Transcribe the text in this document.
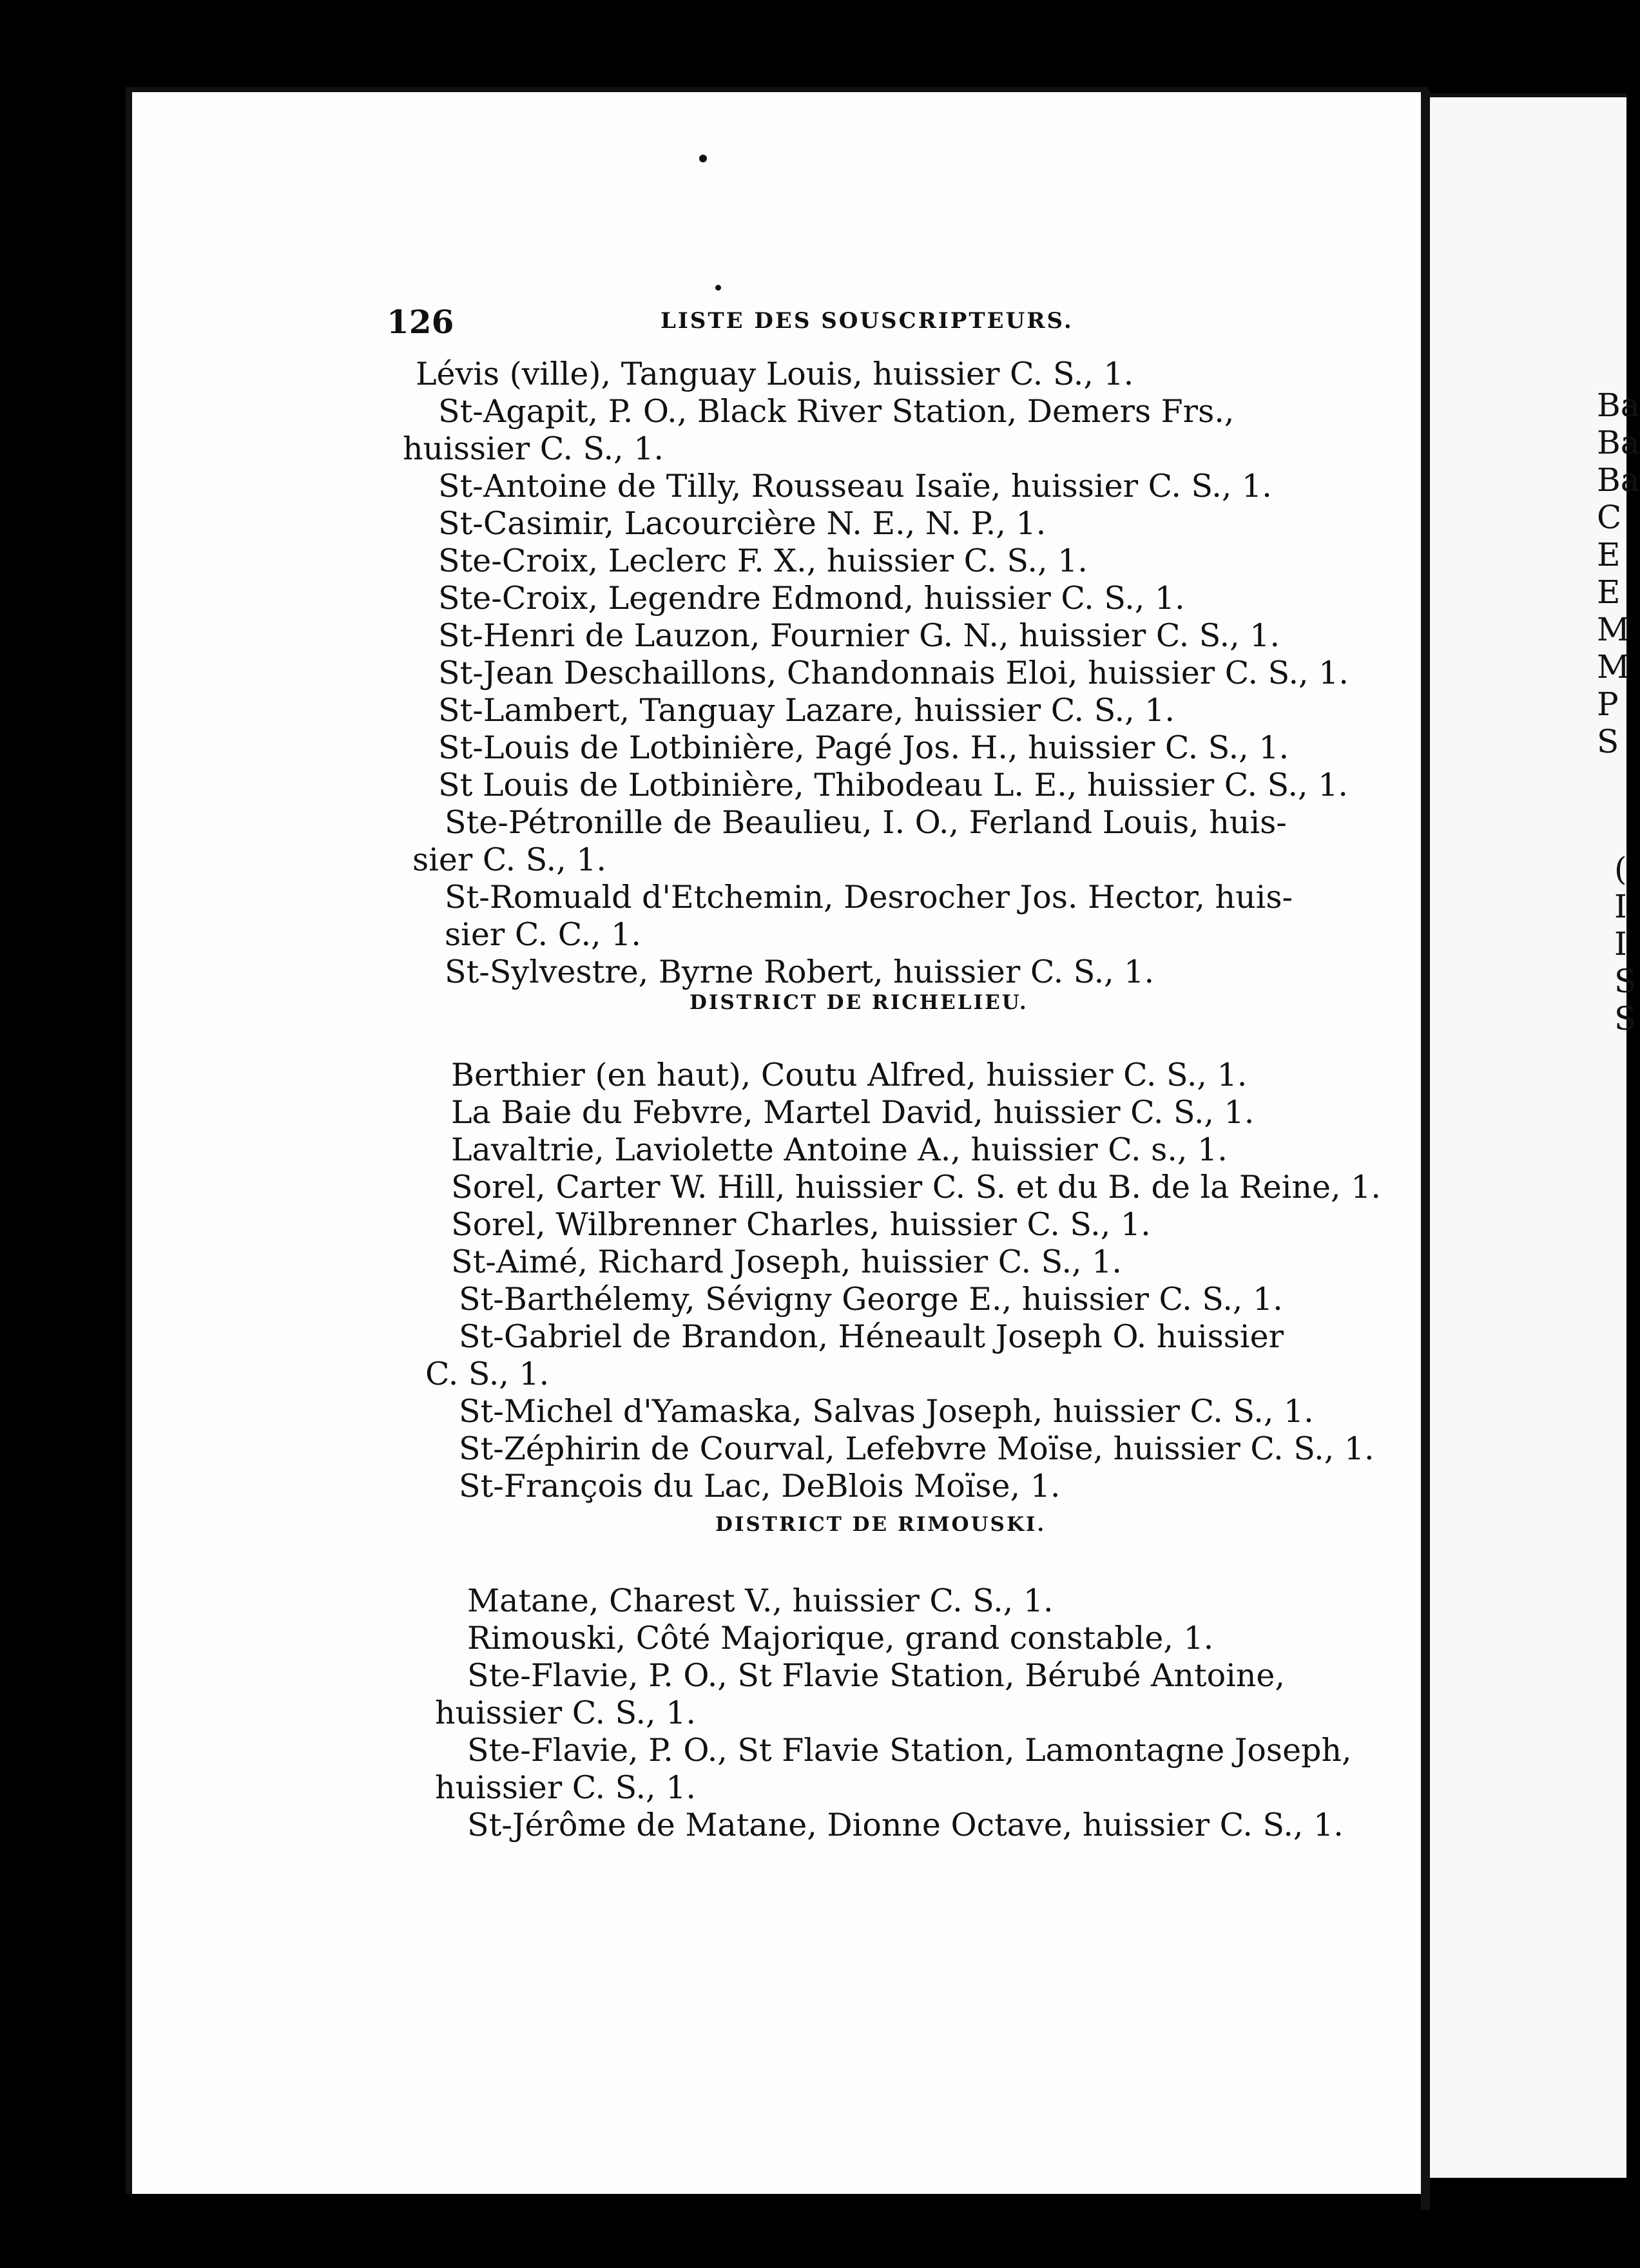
Ba
Ba
Ba
C
E
E
M
M
P
S
(
I
I
S
S
126	LISTE DES SOUSCRIPTEURS.
Lévis (ville), Tanguay Louis, huissier C. S., 1.
St-Agapit, P. O., Black River Station, Demers Frs.,
huissier C. S., 1.
St-Antoine de Tilly, Rousseau Isaïe, huissier C. S., 1.
St-Casimir, Lacourcière N. E., N. P., 1.
Ste-Croix, Leclerc F. X., huissier C. S., 1.
Ste-Croix, Legendre Edmond, huissier C. S., 1.
St-Henri de Lauzon, Fournier G. N., huissier C. S., 1.
St-Jean Deschaillons, Chandonnais Eloi, huissier C. S., 1.
St-Lambert, Tanguay Lazare, huissier C. S., 1.
St-Louis de Lotbinière, Pagé Jos. H., huissier C. S., 1.
St Louis de Lotbinière, Thibodeau L. E., huissier C. S., 1.
Ste-Pétronille de Beaulieu, I. O., Ferland Louis, huis-
sier C. S., 1.
St-Romuald d'Etchemin, Desrocher Jos. Hector, huis-
sier C. C., 1.
St-Sylvestre, Byrne Robert, huissier C. S., 1.
DISTRICT DE RICHELIEU.
Berthier (en haut), Coutu Alfred, huissier C. S., 1.
La Baie du Febvre, Martel David, huissier C. S., 1.
Lavaltrie, Laviolette Antoine A., huissier C. s., 1.
Sorel, Carter W. Hill, huissier C. S. et du B. de la Reine, 1.
Sorel, Wilbrenner Charles, huissier C. S., 1.
St-Aimé, Richard Joseph, huissier C. S., 1.
St-Barthélemy, Sévigny George E., huissier C. S., 1.
St-Gabriel de Brandon, Héneault Joseph O. huissier
C. S., 1.
St-Michel d'Yamaska, Salvas Joseph, huissier C. S., 1.
St-Zéphirin de Courval, Lefebvre Moïse, huissier C. S., 1.
St-François du Lac, DeBlois Moïse, 1.
DISTRICT DE RIMOUSKI.
Matane, Charest V., huissier C. S., 1.
Rimouski, Côté Majorique, grand constable, 1.
Ste-Flavie, P. O., St Flavie Station, Bérubé Antoine,
huissier C. S., 1.
Ste-Flavie, P. O., St Flavie Station, Lamontagne Joseph,
huissier C. S., 1.
St-Jérôme de Matane, Dionne Octave, huissier C. S., 1.
